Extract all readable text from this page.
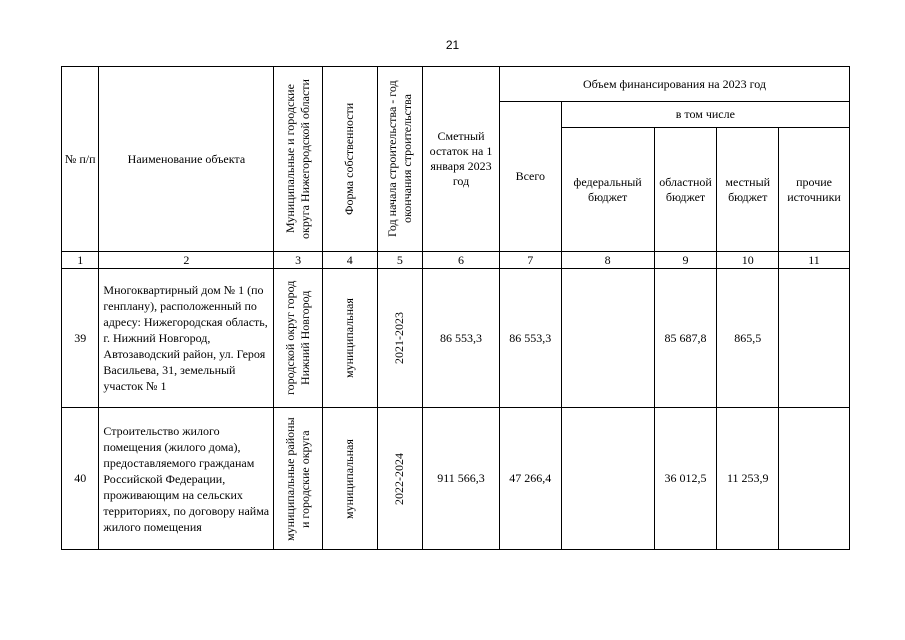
21
№ п/п	Наименование объекта	Муниципальные и городские округа Нижегородской области	Форма собственности	Год начала строительства - год окончания строительства	Сметный остаток на 1 января 2023 год	Объем финансирования на 2023 год				
						Всего	в том числе			
							федеральный бюджет	областной бюджет	местный бюджет	прочие источники
1	2	3	4	5	6	7	8	9	10	11
39	Многоквартирный дом № 1 (по генплану), расположенный по адресу: Нижегородская область, г. Нижний Новгород, Автозаводский район, ул. Героя Васильева, 31, земельный участок № 1	городской округ город Нижний Новгород	муниципальная	2021-2023	86 553,3	86 553,3		85 687,8	865,5	
40	Строительство жилого помещения (жилого дома), предоставляемого гражданам Российской Федерации, проживающим на сельских территориях, по договору найма жилого помещения	муниципальные районы и городские округа	муниципальная	2022-2024	911 566,3	47 266,4		36 012,5	11 253,9	
